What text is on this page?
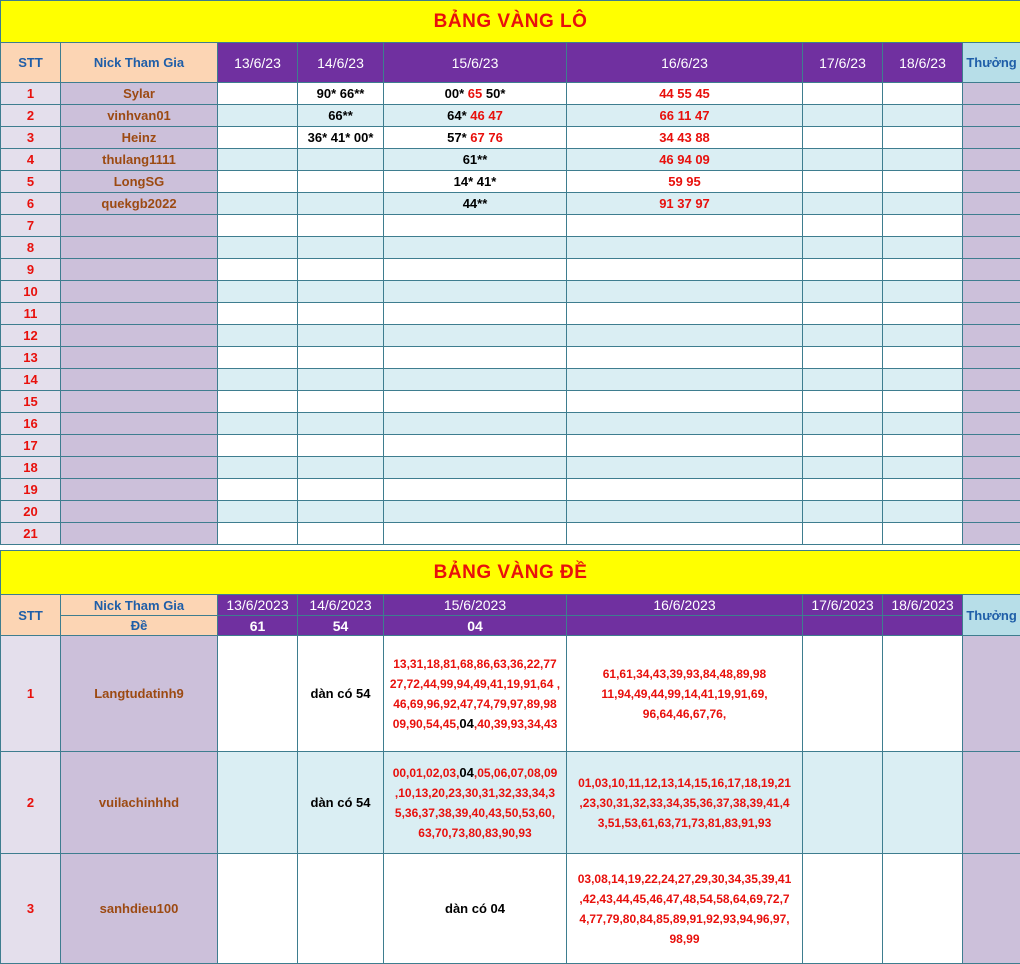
BẢNG VÀNG LÔ								
STT	Nick Tham Gia	13/6/23	14/6/23	15/6/23	16/6/23	17/6/23	18/6/23	Thưởng
1	Sylar		90* 66**	00* 65 50*	44 55 45			
2	vinhvan01		66**	64* 46 47	66 11 47			
3	Heinz		36* 41* 00*	57* 67 76	34 43 88			
4	thulang1111			61**	46 94 09			
5	LongSG			14* 41*	59 95			
6	quekgb2022			44**	91 37 97			
7								
8								
9								
10								
11								
12								
13								
14								
15								
16								
17								
18								
19								
20								
21								
BẢNG VÀNG ĐỀ								
STT	Nick Tham Gia	13/6/2023	14/6/2023	15/6/2023	16/6/2023	17/6/2023	18/6/2023	Thưởng
	Đề	61	54	04				
1	Langtudatinh9		dàn có 54	13,31,18,81,68,86,63,36,22,77 27,72,44,99,94,49,41,19,91,64 , 46,69,96,92,47,74,79,97,89,98 09,90,54,45,04,40,39,93,34,43	61,61,34,43,39,93,84,48,89,98 11,94,49,44,99,14,41,19,91,69, 96,64,46,67,76,			
2	vuilachinhhd		dàn có 54	00,01,02,03,04,05,06,07,08,09 ,10,13,20,23,30,31,32,33,34,3 5,36,37,38,39,40,43,50,53,60, 63,70,73,80,83,90,93	01,03,10,11,12,13,14,15,16,17,18,19,21 ,23,30,31,32,33,34,35,36,37,38,39,41,4 3,51,53,61,63,71,73,81,83,91,93			
3	sanhdieu100			dàn có 04	03,08,14,19,22,24,27,29,30,34,35,39,41 ,42,43,44,45,46,47,48,54,58,64,69,72,7 4,77,79,80,84,85,89,91,92,93,94,96,97, 98,99			
